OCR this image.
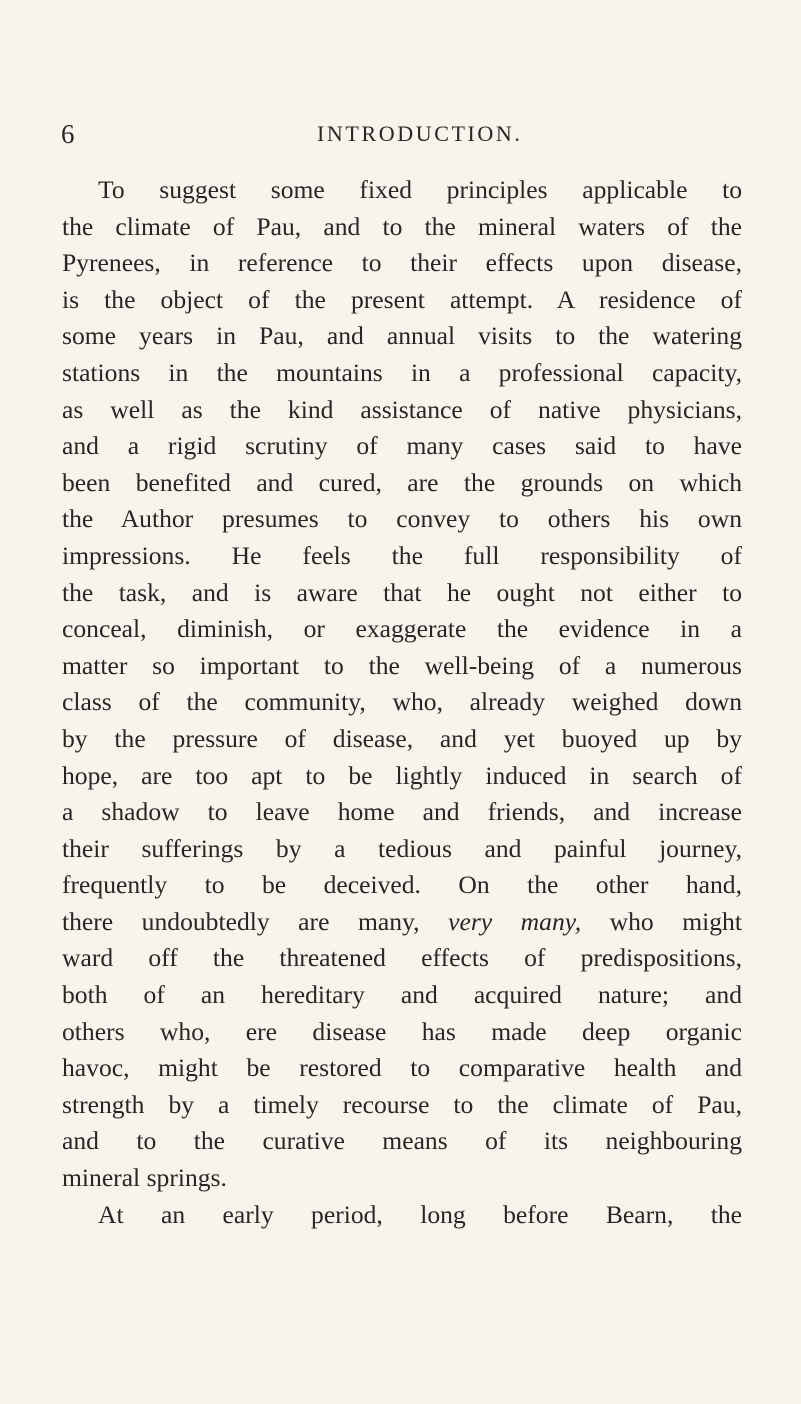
6	INTRODUCTION.
To suggest some fixed principles applicable to
the climate of Pau, and to the mineral waters of the
Pyrenees, in reference to their effects upon disease,
is the object of the present attempt. A residence of
some years in Pau, and annual visits to the watering
stations in the mountains in a professional capacity,
as well as the kind assistance of native physicians,
and a rigid scrutiny of many cases said to have
been benefited and cured, are the grounds on which
the Author presumes to convey to others his own
impressions. He feels the full responsibility of
the task, and is aware that he ought not either to
conceal, diminish, or exaggerate the evidence in a
matter so important to the well-being of a numerous
class of the community, who, already weighed down
by the pressure of disease, and yet buoyed up by
hope, are too apt to be lightly induced in search of
a shadow to leave home and friends, and increase
their sufferings by a tedious and painful journey,
frequently to be deceived. On the other hand,
there undoubtedly are many, very many, who might
ward off the threatened effects of predispositions,
both of an hereditary and acquired nature; and
others who, ere disease has made deep organic
havoc, might be restored to comparative health and
strength by a timely recourse to the climate of Pau,
and to the curative means of its neighbouring
mineral springs.
At an early period, long before Bearn, the
